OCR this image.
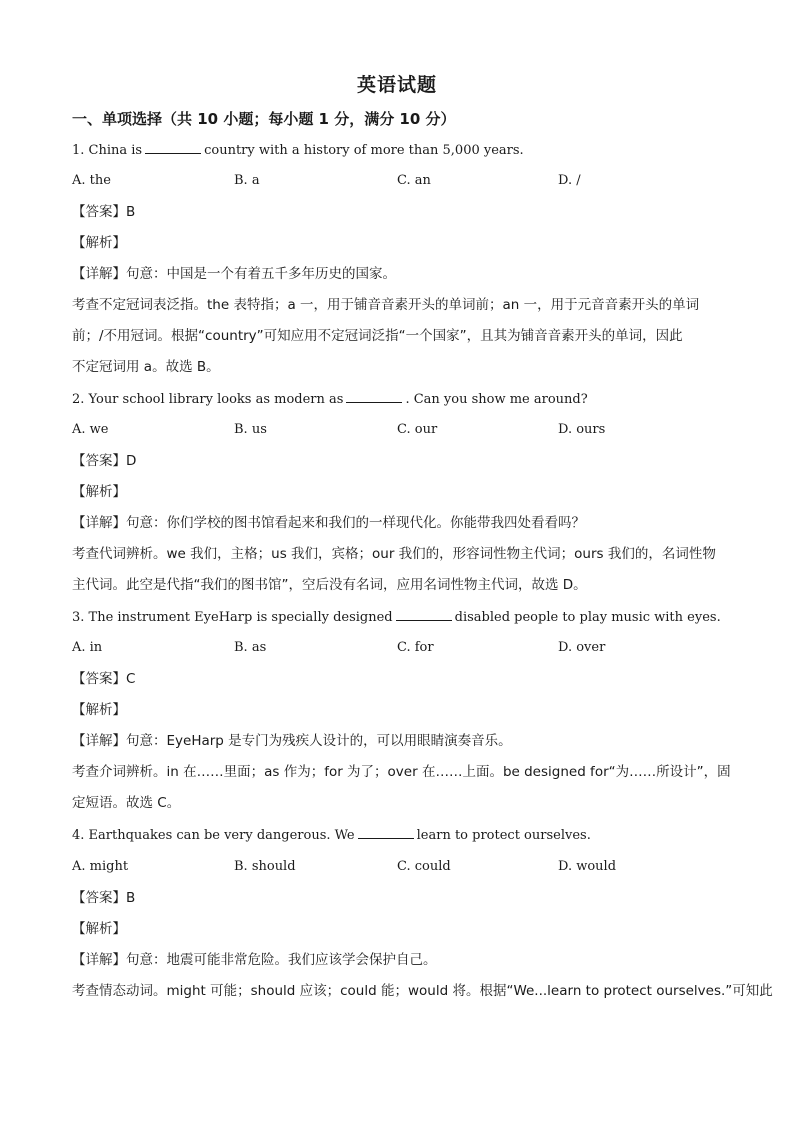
英语试题
一、单项选择（共 10 小题；每小题 1 分，满分 10 分）
1. China is	country with a history of more than 5,000 years.
A. the	B. a	C. an	D. /
【答案】B
【解析】
【详解】句意：中国是一个有着五千多年历史的国家。
考查不定冠词表泛指。the 表特指；a 一，用于铺音音素开头的单词前；an 一，用于元音音素开头的单词
前；/不用冠词。根据“country”可知应用不定冠词泛指“一个国家”，且其为铺音音素开头的单词，因此
不定冠词用 a。故选 B。
2. Your school library looks as modern as	. Can you show me around?
A. we	B. us	C. our	D. ours
【答案】D
【解析】
【详解】句意：你们学校的图书馆看起来和我们的一样现代化。你能带我四处看看吗？
考查代词辨析。we 我们，主格；us 我们，宾格；our 我们的，形容词性物主代词；ours 我们的，名词性物
主代词。此空是代指“我们的图书馆”，空后没有名词，应用名词性物主代词，故选 D。
3. The instrument EyeHarp is specially designed	disabled people to play music with eyes.
A. in	B. as	C. for	D. over
【答案】C
【解析】
【详解】句意：EyeHarp 是专门为残疾人设计的，可以用眼睛演奏音乐。
考查介词辨析。in 在……里面；as 作为；for 为了；over 在……上面。be designed for“为……所设计”，固
定短语。故选 C。
4. Earthquakes can be very dangerous. We	learn to protect ourselves.
A. might	B. should	C. could	D. would
【答案】B
【解析】
【详解】句意：地震可能非常危险。我们应该学会保护自己。
考查情态动词。might 可能；should 应该；could 能；would 将。根据“We...learn to protect ourselves.”可知此
